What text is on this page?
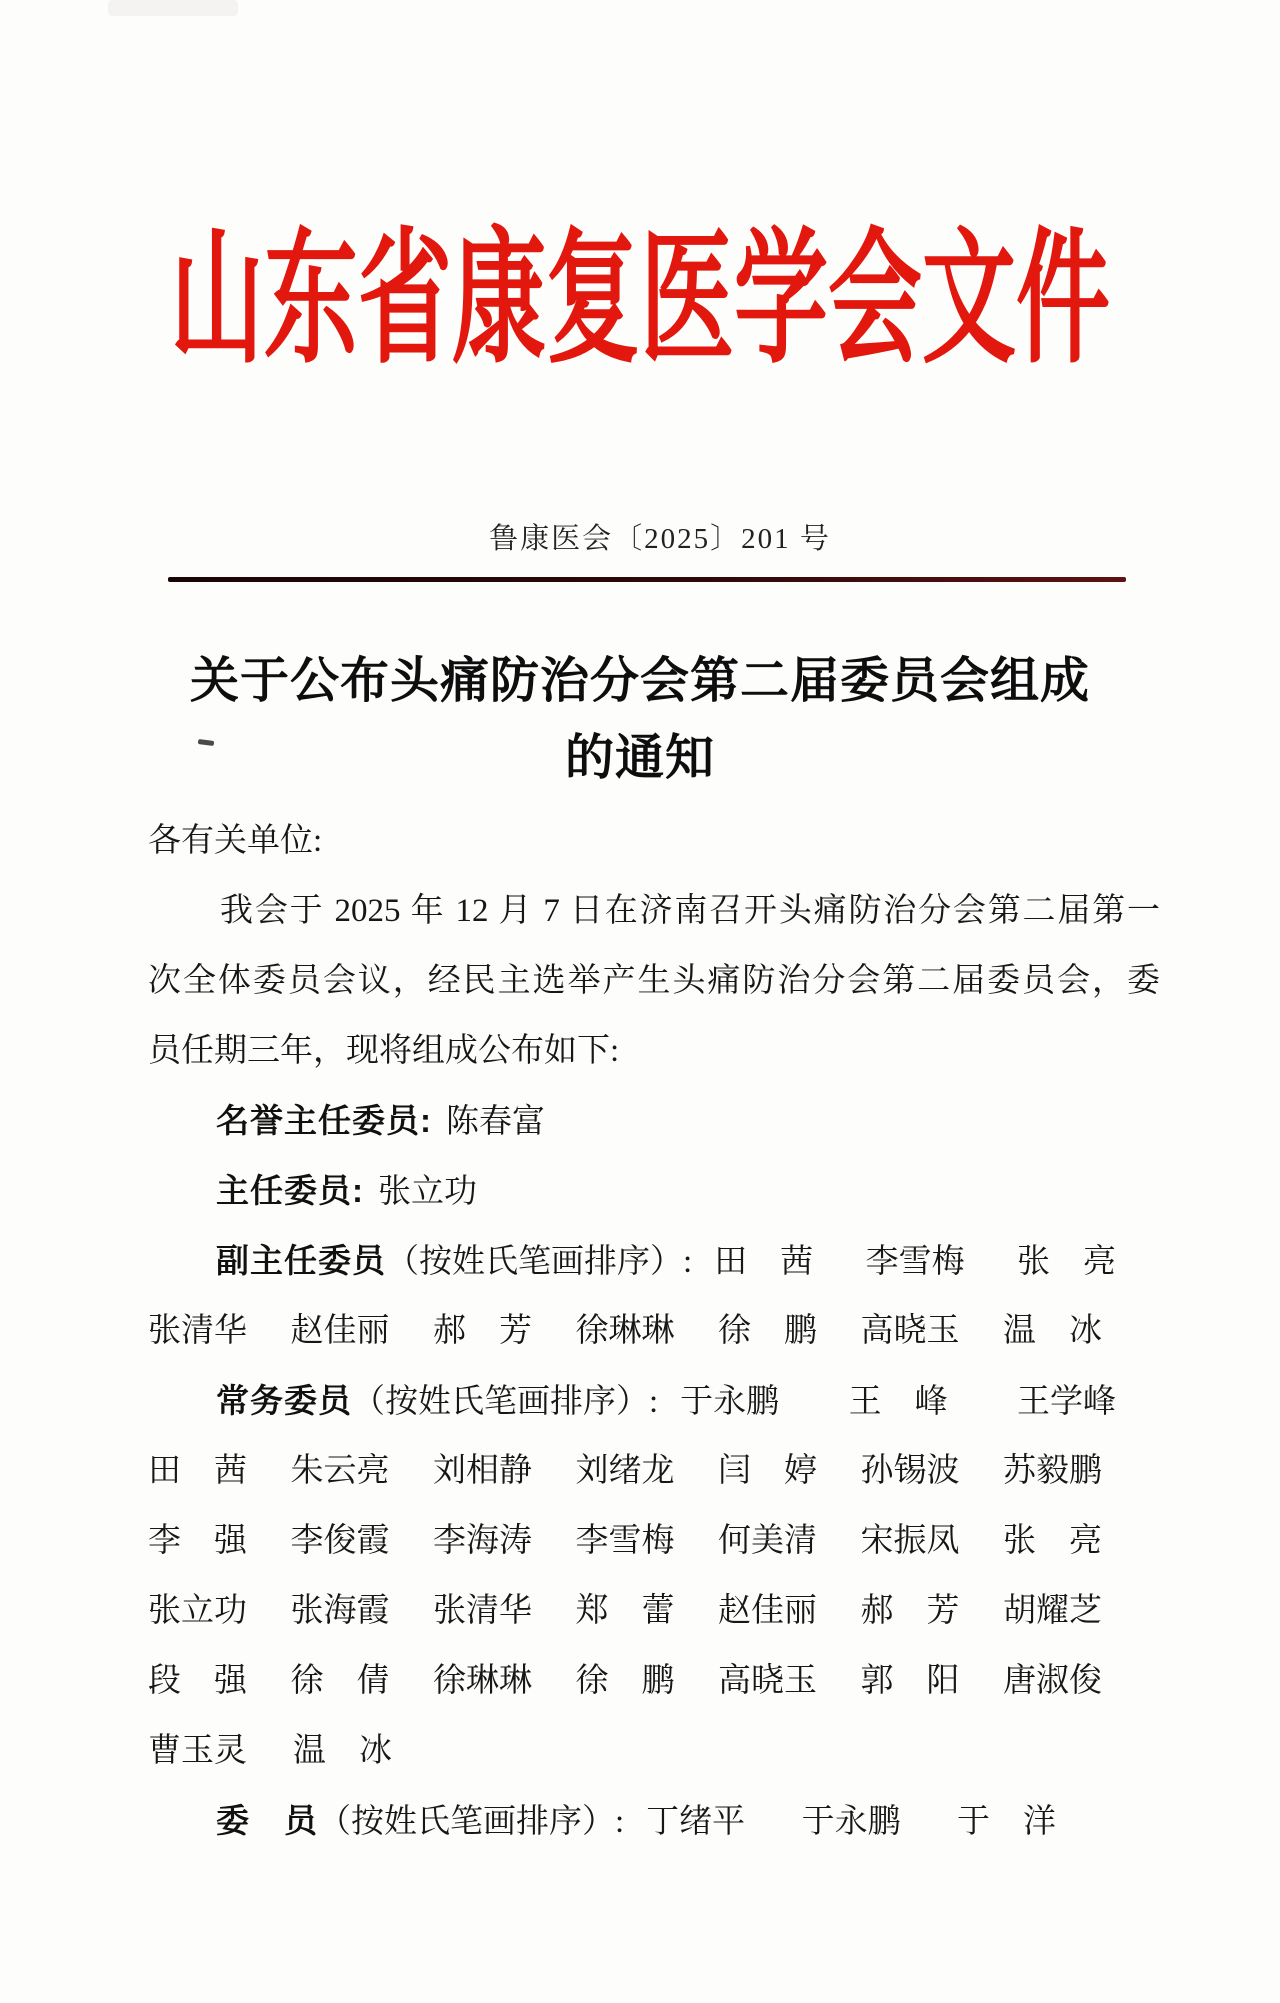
山东省康复医学会文件
鲁康医会〔2025〕201 号
关于公布头痛防治分会第二届委员会组成
的通知
各有关单位:
我会于 2025 年 12 月 7 日在济南召开头痛防治分会第二届第一
次全体委员会议，经民主选举产生头痛防治分会第二届委员会，委
员任期三年，现将组成公布如下:
名誉主任委员: 陈春富
主任委员: 张立功
副主任委员 （按姓氏笔画排序）: 田　茜 李雪梅 张　亮
张清华 赵佳丽 郝　芳 徐琳琳 徐　鹏 高晓玉 温　冰
常务委员 （按姓氏笔画排序）: 于永鹏 王　峰 王学峰
田　茜 朱云亮 刘相静 刘绪龙 闫　婷 孙锡波 苏毅鹏
李　强 李俊霞 李海涛 李雪梅 何美清 宋振凤 张　亮
张立功 张海霞 张清华 郑　蕾 赵佳丽 郝　芳 胡耀芝
段　强 徐　倩 徐琳琳 徐　鹏 高晓玉 郭　阳 唐淑俊
曹玉灵 温　冰
委　员 （按姓氏笔画排序）: 丁绪平 于永鹏 于　洋
